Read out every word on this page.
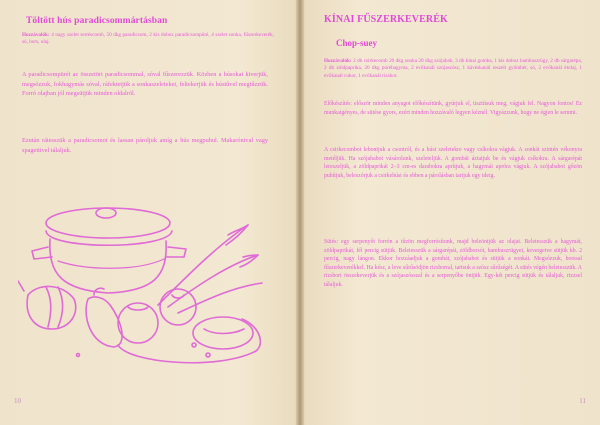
Töltött hús paradicsommártásban

Hozzávalók: 4 nagy szelet sertéscomb, 50 dkg paradicsom, 2 kis doboz paradicsompüré, 4 szelet sonka, fűszerkeverék, só, bors, olaj.

A paradicsompürét az összetört paradicsommal, sóval fűszerezzük. Közben a húsokat kiverjük, megsózzuk, fokhagymás sóval, ráfektetjük a sonkaszeleteket, feltekerjük és hústűvel megtűzzük. Forró olajban jól megsütjük minden oldalról.

Ezután rátesszük a paradicsomot és lassan pároljuk amíg a hús megpuhul. Makarónival vagy spagettivel tálaljuk.

10
KÍNAI FŰSZERKEVERÉK
Chop-suey

Hozzávalók: 2 db csirkecomb 20 dkg sonka 20 dkg szójabab, 3 db kínai gomba, 1 kis doboz bambuszrügy, 2 db sárgarépa, 2 db zöldpaprika, 20 dkg póréhagyma, 2 evőkanál szójaszósz, 1 kávéskanál reszelt gyömbér, só, 2 evőkanál étolaj, 1 evőkanál cukor, 1 evőkanál rizsbor.

Előkészítés: először minden anyagot előkészítünk, gyúrjuk el, tisztítsuk meg, vágjuk fel. Nagyon fontos! Ez munkaigényes, de sütése gyors, ezért minden hozzávaló legyen kéznél. Vigyázzunk, hogy ne égjen le semmi.

A csirkecombot lebontjuk a csontról, és a húst szeletekre vagy csíkokra vágjuk. A sonkát szintén vékonyra metéljük. Ha szójababot vásárolunk, szeleteljük. A gombát áztatjuk be és vágjuk csíkokra. A sárgarépát lereszeljük, a zöldpaprikát 2–3 cm-es darabokra aprítjuk, a hagymát apróra vágjuk. A szójababot gőzön puhítjuk, beleszórjuk a csirkehúst és ebben a párolásban tartjuk egy ideig.

Sütés: egy serpenyőt forrón a tűzön megforrósítunk, majd beleöntjük az olajat. Beletesszük a hagymát, zöldpaprikát, fél percig sütjük. Beletesszük a sárgarépát, zöldborsót, bambuszrügyet, kevergetve sütjük kb. 2 percig, nagy lángon. Ekkor hozzáadjuk a gombát, szójababot és sütjük a sonkát. Megsózzuk, borssal fűszerkeverékkel. Ha kész, a leve sűrűsödjön rizsborral, tartsuk a szósz sűrűségét. A sütés végén beletesszük. A rizsbort összekeverjük és a szójaszósszal és a serpenyőbe öntjük. Egy-két percig sütjük és tálaljuk, rizzsel tálaljuk.

11
